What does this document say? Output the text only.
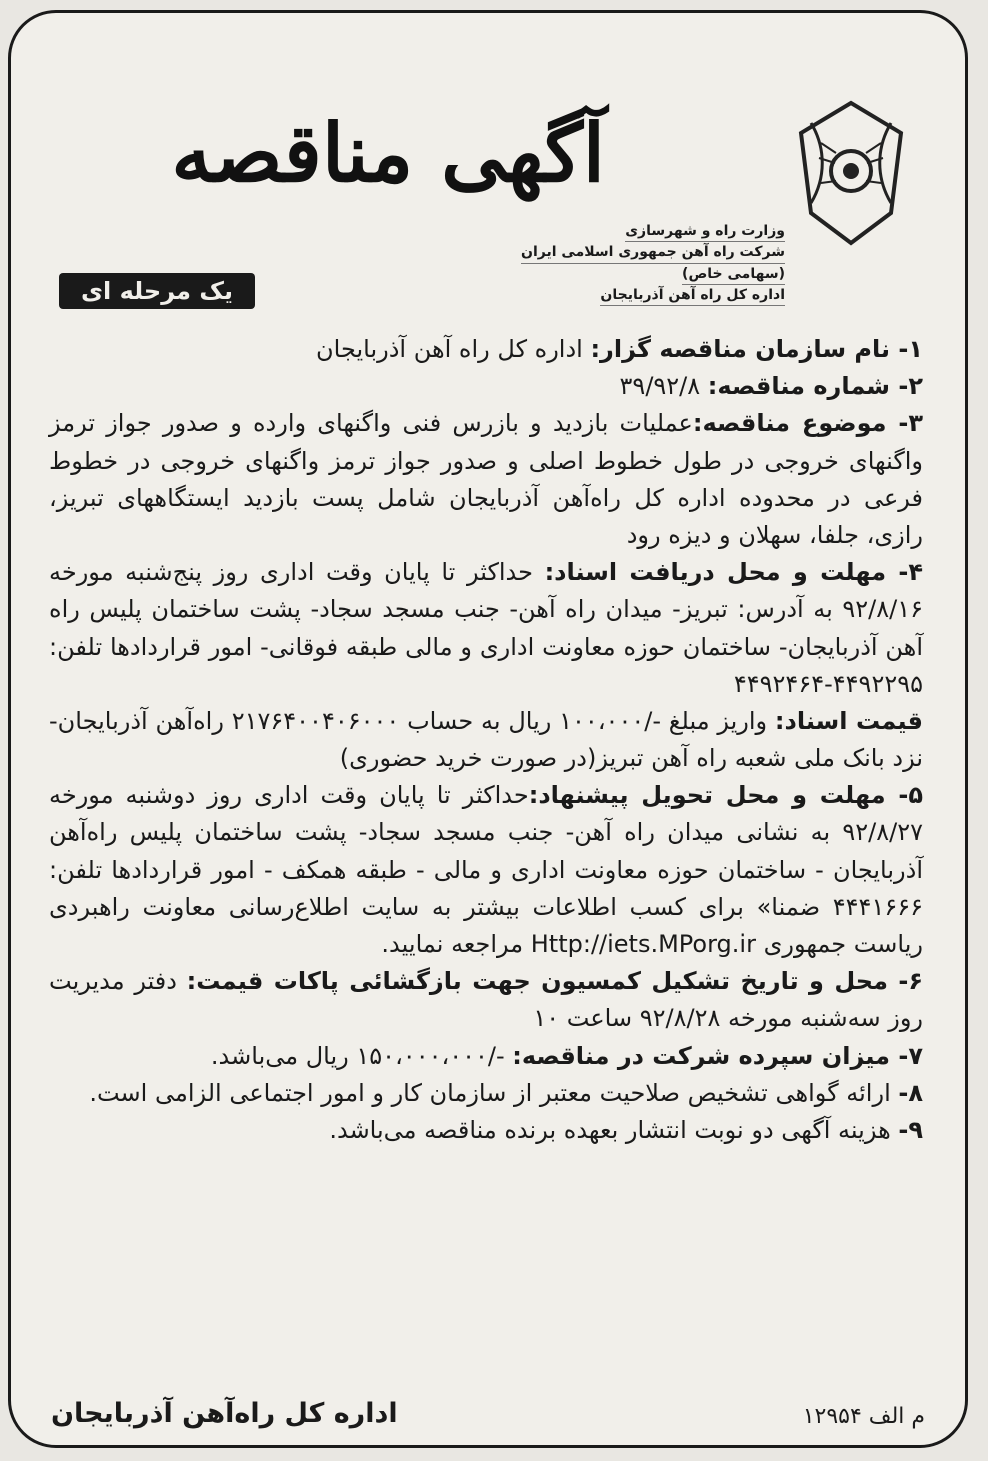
آگهی مناقصه
وزارت راه و شهرسازی
شرکت راه آهن جمهوری اسلامی ایران
(سهامی خاص)
اداره کل راه آهن آذربایجان
یک مرحله ای

۱- نام سازمان مناقصه گزار: اداره کل راه آهن آذربایجان

۲- شماره مناقصه: ۳۹/۹۲/۸

۳- موضوع مناقصه:عملیات بازدید و بازرس فنی واگنهای وارده و صدور جواز ترمز واگنهای خروجی در طول خطوط اصلی و صدور جواز ترمز واگنهای خروجی در خطوط فرعی در محدوده اداره کل راه‌آهن آذربایجان شامل پست بازدید ایستگاههای تبریز، رازی، جلفا، سهلان و دیزه رود

۴- مهلت و محل دریافت اسناد: حداکثر تا پایان وقت اداری روز پنج‌شنبه مورخه ۹۲/۸/۱۶ به آدرس: تبریز- میدان راه آهن- جنب مسجد سجاد- پشت ساختمان پلیس راه آهن آذربایجان- ساختمان حوزه معاونت اداری و مالی طبقه فوقانی- امور قراردادها تلفن: ۴۴۹۲۲۹۵-۴۴۹۲۴۶۴

قیمت اسناد: واریز مبلغ -/۱۰۰،۰۰۰ ریال به حساب ۲۱۷۶۴۰۰۴۰۶۰۰۰ راه‌آهن آذربایجان- نزد بانک ملی شعبه راه آهن تبریز(در صورت خرید حضوری)

۵- مهلت و محل تحویل پیشنهاد:حداکثر تا پایان وقت اداری روز دوشنبه مورخه ۹۲/۸/۲۷ به نشانی میدان راه آهن- جنب مسجد سجاد- پشت ساختمان پلیس راه‌آهن آذربایجان - ساختمان حوزه معاونت اداری و مالی - طبقه همکف - امور قراردادها تلفن: ۴۴۴۱۶۶۶ ضمنا» برای کسب اطلاعات بیشتر به سایت اطلاع‌رسانی معاونت راهبردی ریاست جمهوری Http://iets.MPorg.ir مراجعه نمایید.

۶- محل و تاریخ تشکیل کمسیون جهت بازگشائی پاکات قیمت: دفتر مدیریت روز سه‌شنبه مورخه ۹۲/۸/۲۸ ساعت ۱۰

۷- میزان سپرده شرکت در مناقصه: -/۱۵۰،۰۰۰،۰۰۰ ریال می‌باشد.

۸- ارائه گواهی تشخیص صلاحیت معتبر از سازمان کار و امور اجتماعی الزامی است.

۹- هزینه آگهی دو نوبت انتشار بعهده برنده مناقصه می‌باشد.

اداره کل راه‌آهن آذربایجان	م الف ۱۲۹۵۴
